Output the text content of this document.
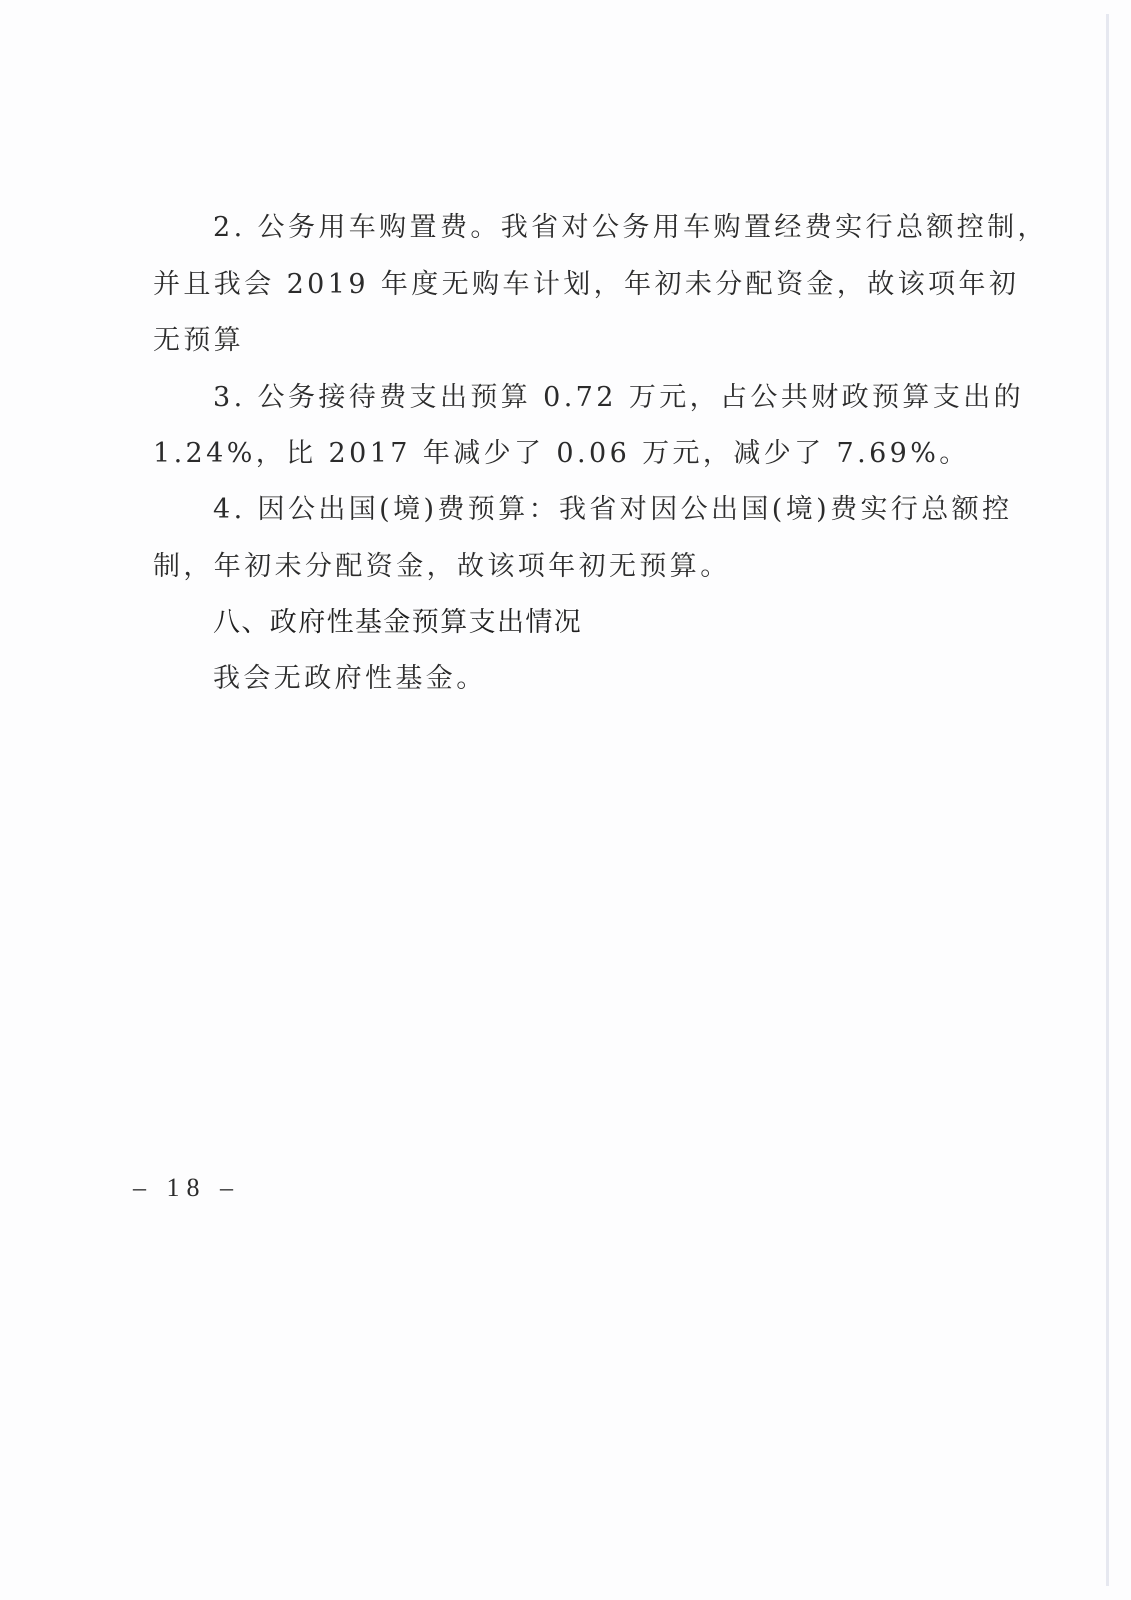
2. 公务用车购置费。我省对公务用车购置经费实行总额控制，
并且我会 2019 年度无购车计划，年初未分配资金，故该项年初
无预算
3. 公务接待费支出预算 0.72 万元，占公共财政预算支出的
1.24%，比 2017 年减少了 0.06 万元，减少了 7.69%。
4. 因公出国(境)费预算：我省对因公出国(境)费实行总额控
制，年初未分配资金，故该项年初无预算。
八、政府性基金预算支出情况
我会无政府性基金。
– 18 –
